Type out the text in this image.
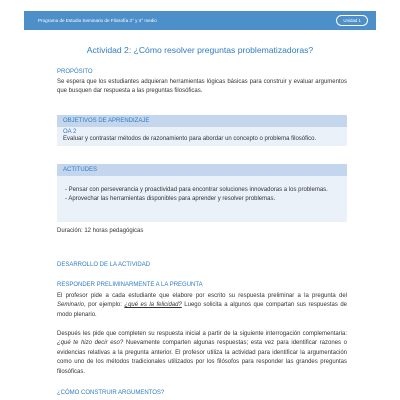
Programa de Estudio Seminario de Filosofía 3° y 4° medio	Unidad 1
Actividad 2: ¿Cómo resolver preguntas problematizadoras?
PROPÓSITO

Se espera que los estudiantes adquieran herramientas lógicas básicas para construir y evaluar argumentos que busquen dar respuesta a las preguntas filosóficas.

OBJETIVOS DE APRENDIZAJE
OA 2
Evaluar y contrastar métodos de razonamiento para abordar un concepto o problema filosófico.
ACTITUDES
- Pensar con perseverancia y proactividad para encontrar soluciones innovadoras a los problemas.
- Aprovechar las herramientas disponibles para aprender y resolver problemas.

Duración: 12 horas pedagógicas

DESARROLLO DE LA ACTIVIDAD
RESPONDER PRELIMINARMENTE A LA PREGUNTA

El profesor pide a cada estudiante que elabore por escrito su respuesta preliminar a la pregunta del Seminario, por ejemplo: ¿qué es la felicidad? Luego solicita a algunos que compartan sus respuestas de modo plenario.

Después les pide que completen su respuesta inicial a partir de la siguiente interrogación complementaria: ¿qué te hizo decir eso? Nuevamente comparten algunas respuestas; esta vez para identificar razones o evidencias relativas a la pregunta anterior. El profesor utiliza la actividad para identificar la argumentación como uno de los métodos tradicionales utilizados por los filósofos para responder las grandes preguntas filosóficas.

¿CÓMO CONSTRUIR ARGUMENTOS?
